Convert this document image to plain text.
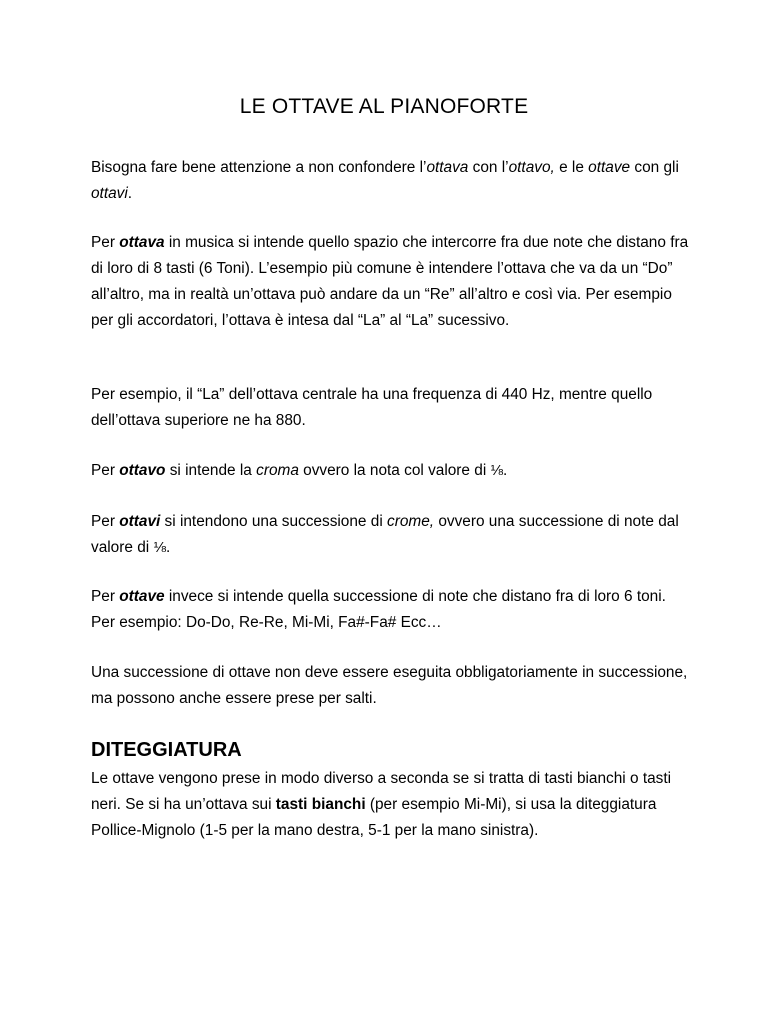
LE OTTAVE AL PIANOFORTE

Bisogna fare bene attenzione a non confondere l’ottava con l’ottavo, e le ottave con gli ottavi.

Per ottava in musica si intende quello spazio che intercorre fra due note che distano fra di loro di 8 tasti (6 Toni). L’esempio più comune è intendere l’ottava che va da un “Do” all’altro, ma in realtà un’ottava può andare da un “Re” all’altro e così via. Per esempio per gli accordatori, l’ottava è intesa dal “La” al “La” sucessivo.

Per esempio, il “La” dell’ottava centrale ha una frequenza di 440 Hz, mentre quello dell’ottava superiore ne ha 880.

Per ottavo si intende la croma ovvero la nota col valore di ⅛.

Per ottavi si intendono una successione di crome, ovvero una successione di note dal valore di ⅛.

Per ottave invece si intende quella successione di note che distano fra di loro 6 toni. Per esempio: Do-Do, Re-Re, Mi-Mi, Fa#-Fa# Ecc…

Una successione di ottave non deve essere eseguita obbligatoriamente in successione, ma possono anche essere prese per salti.

DITEGGIATURA

Le ottave vengono prese in modo diverso a seconda se si tratta di tasti bianchi o tasti neri. Se si ha un’ottava sui tasti bianchi (per esempio Mi-Mi), si usa la diteggiatura Pollice-Mignolo (1-5 per la mano destra, 5-1 per la mano sinistra).
